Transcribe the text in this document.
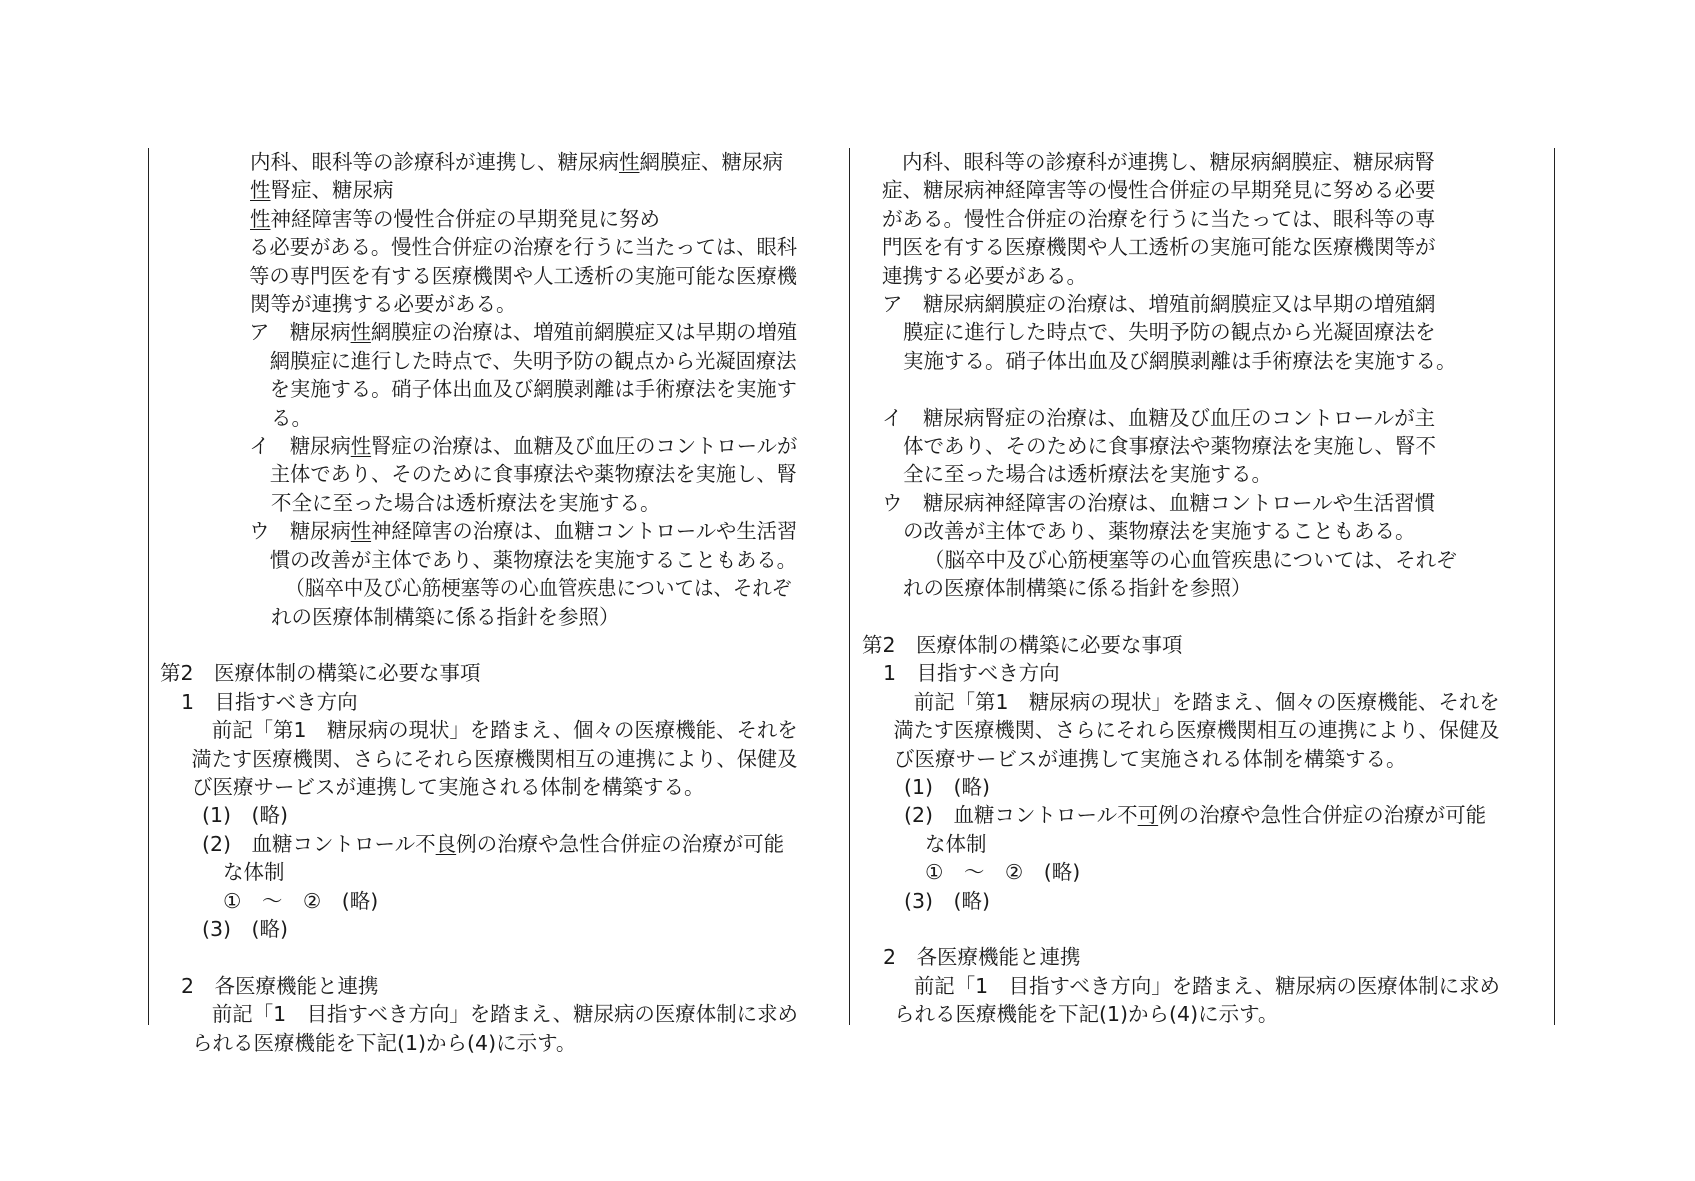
内科、眼科等の診療科が連携し、糖尿病性網膜症、糖尿病
性腎症、糖尿病
性神経障害等の慢性合併症の早期発見に努め
る必要がある。慢性合併症の治療を行うに当たっては、眼科
等の専門医を有する医療機関や人工透析の実施可能な医療機
関等が連携する必要がある。
ア　糖尿病性網膜症の治療は、増殖前網膜症又は早期の増殖
網膜症に進行した時点で、失明予防の観点から光凝固療法
を実施する。硝子体出血及び網膜剥離は手術療法を実施す
る。
イ　糖尿病性腎症の治療は、血糖及び血圧のコントロールが
主体であり、そのために食事療法や薬物療法を実施し、腎
不全に至った場合は透析療法を実施する。
ウ　糖尿病性神経障害の治療は、血糖コントロールや生活習
慣の改善が主体であり、薬物療法を実施することもある。
（脳卒中及び心筋梗塞等の心血管疾患については、それぞ
れの医療体制構築に係る指針を参照）
第2　医療体制の構築に必要な事項
1　目指すべき方向
前記「第1　糖尿病の現状」を踏まえ、個々の医療機能、それを
満たす医療機関、さらにそれら医療機関相互の連携により、保健及
び医療サービスが連携して実施される体制を構築する。
(1)　(略)
(2)　血糖コントロール不良例の治療や急性合併症の治療が可能
な体制
①　～　②　(略)
(3)　(略)
2　各医療機能と連携
前記「1　目指すべき方向」を踏まえ、糖尿病の医療体制に求め
られる医療機能を下記(1)から(4)に示す。
内科、眼科等の診療科が連携し、糖尿病網膜症、糖尿病腎
症、糖尿病神経障害等の慢性合併症の早期発見に努める必要
がある。慢性合併症の治療を行うに当たっては、眼科等の専
門医を有する医療機関や人工透析の実施可能な医療機関等が
連携する必要がある。
ア　糖尿病網膜症の治療は、増殖前網膜症又は早期の増殖網
膜症に進行した時点で、失明予防の観点から光凝固療法を
実施する。硝子体出血及び網膜剥離は手術療法を実施する。
イ　糖尿病腎症の治療は、血糖及び血圧のコントロールが主
体であり、そのために食事療法や薬物療法を実施し、腎不
全に至った場合は透析療法を実施する。
ウ　糖尿病神経障害の治療は、血糖コントロールや生活習慣
の改善が主体であり、薬物療法を実施することもある。
（脳卒中及び心筋梗塞等の心血管疾患については、それぞ
れの医療体制構築に係る指針を参照）
第2　医療体制の構築に必要な事項
1　目指すべき方向
前記「第1　糖尿病の現状」を踏まえ、個々の医療機能、それを
満たす医療機関、さらにそれら医療機関相互の連携により、保健及
び医療サービスが連携して実施される体制を構築する。
(1)　(略)
(2)　血糖コントロール不可例の治療や急性合併症の治療が可能
な体制
①　～　②　(略)
(3)　(略)
2　各医療機能と連携
前記「1　目指すべき方向」を踏まえ、糖尿病の医療体制に求め
られる医療機能を下記(1)から(4)に示す。
